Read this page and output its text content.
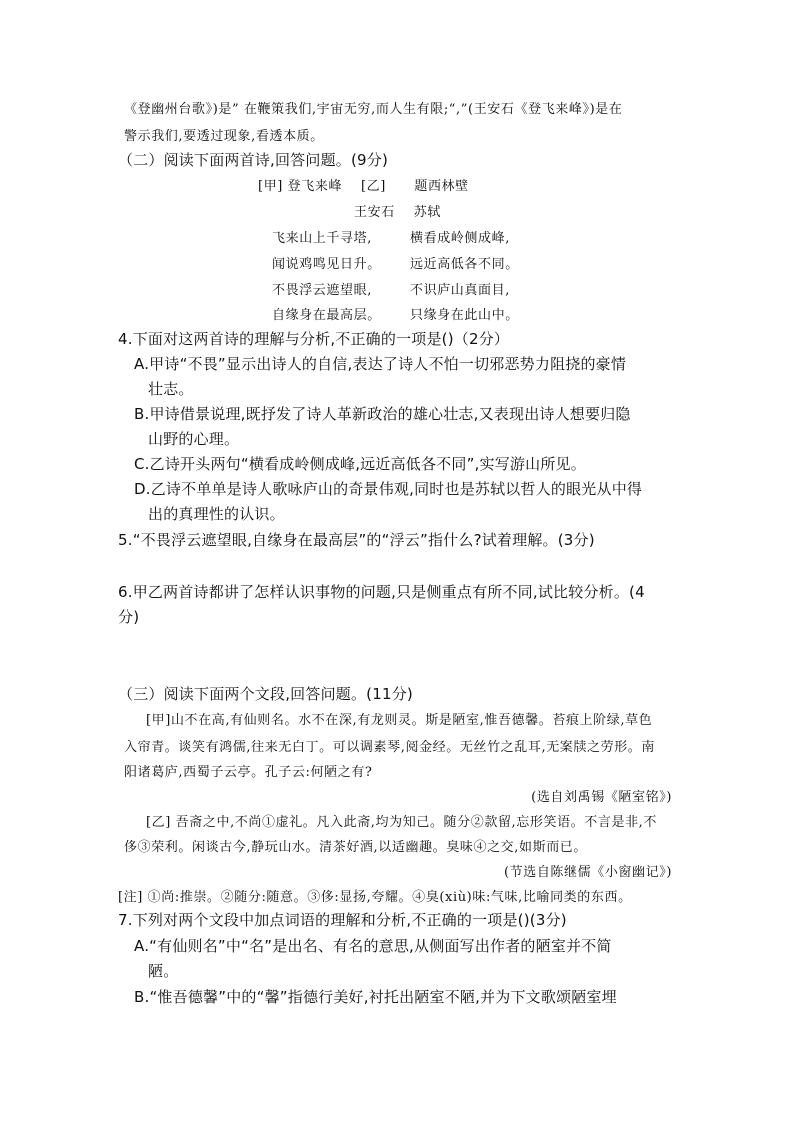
《登幽州台歌》)是” 在鞭策我们,宇宙无穷,而人生有限;“,”(王安石《登飞来峰》)是在
警示我们,要透过现象,看透本质。
（二）阅读下面两首诗,回答问题。(9分)
[甲] 登飞来峰    [乙]      题西林壁
王安石    苏轼
飞来山上千寻塔,	横看成岭侧成峰,
闻说鸡鸣见日升。 远近高低各不同。
不畏浮云遮望眼,	不识庐山真面目,
自缘身在最高层。 只缘身在此山中。
4.下面对这两首诗的理解与分析,不正确的一项是()（2分）
A.甲诗“不畏”显示出诗人的自信,表达了诗人不怕一切邪恶势力阻挠的豪情
壮志。
B.甲诗借景说理,既抒发了诗人革新政治的雄心壮志,又表现出诗人想要归隐
山野的心理。
C.乙诗开头两句“横看成岭侧成峰,远近高低各不同”,实写游山所见。
D.乙诗不单单是诗人歌咏庐山的奇景伟观,同时也是苏轼以哲人的眼光从中得
出的真理性的认识。
5.“不畏浮云遮望眼,自缘身在最高层”的“浮云”指什么?试着理解。(3分)
6.甲乙两首诗都讲了怎样认识事物的问题,只是侧重点有所不同,试比较分析。(4
分)
（三）阅读下面两个文段,回答问题。(11分)
[甲]山不在高,有仙则名。水不在深,有龙则灵。斯是陋室,惟吾德馨。苔痕上阶绿,草色
入帘青。谈笑有鸿儒,往来无白丁。可以调素琴,阅金经。无丝竹之乱耳,无案牍之劳形。南
阳诸葛庐,西蜀子云亭。孔子云:何陋之有?
(选自刘禹锡《陋室铭》)
[乙] 吾斋之中,不尚①虚礼。凡入此斋,均为知己。随分②款留,忘形笑语。不言是非,不
侈③荣利。闲谈古今,静玩山水。清茶好酒,以适幽趣。臭味④之交,如斯而已。
(节选自陈继儒《小窗幽记》)
[注] ①尚:推崇。②随分:随意。③侈:显扬,夸耀。④臭(xiù)味:气味,比喻同类的东西。
7.下列对两个文段中加点词语的理解和分析,不正确的一项是()(3分)
A.“有仙则名”中“名”是出名、有名的意思,从侧面写出作者的陋室并不简
陋。
B.“惟吾德馨”中的“馨”指德行美好,衬托出陋室不陋,并为下文歌颂陋室埋
